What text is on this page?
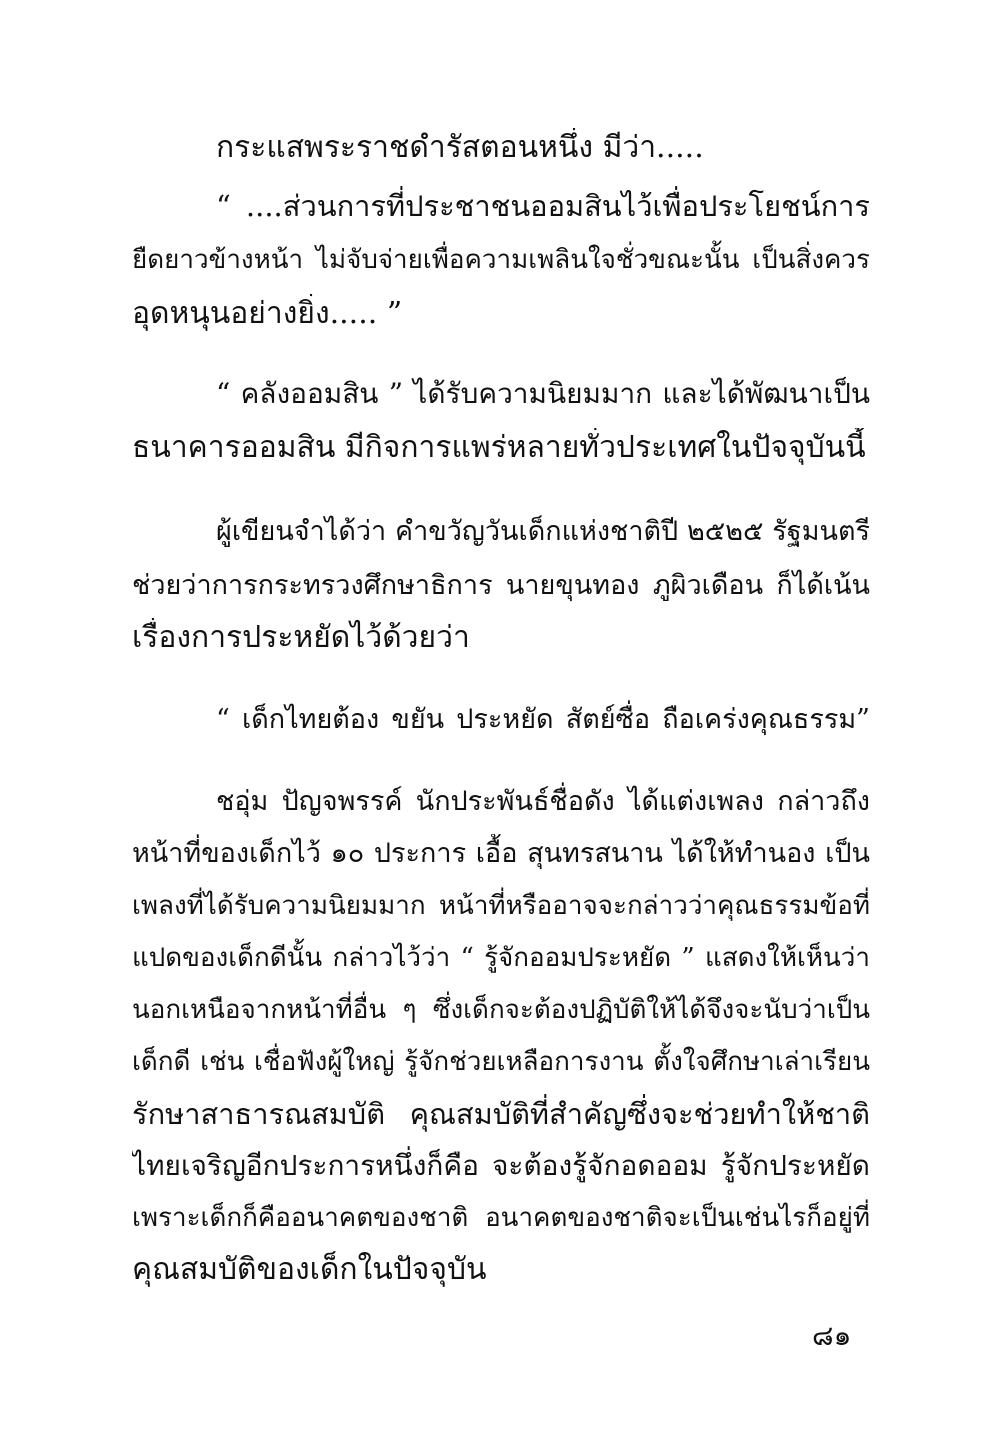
กระแสพระราชดำรัสตอนหนึ่ง มีว่า.....
“ ....ส่วนการที่ประชาชนออมสินไว้เพื่อประโยชน์การ
ยืดยาวข้างหน้า ไม่จับจ่ายเพื่อความเพลินใจชั่วขณะนั้น เป็นสิ่งควร
อุดหนุนอย่างยิ่ง..... ”
“ คลังออมสิน ” ได้รับความนิยมมาก และได้พัฒนาเป็น
ธนาคารออมสิน มีกิจการแพร่หลายทั่วประเทศในปัจจุบันนี้
ผู้เขียนจำได้ว่า คำขวัญวันเด็กแห่งชาติปี ๒๕๒๕ รัฐมนตรี
ช่วยว่าการกระทรวงศึกษาธิการ นายขุนทอง ภูผิวเดือน ก็ได้เน้น
เรื่องการประหยัดไว้ด้วยว่า
“ เด็กไทยต้อง ขยัน ประหยัด สัตย์ซื่อ ถือเคร่งคุณธรรม”
ชอุ่ม ปัญจพรรค์ นักประพันธ์ชื่อดัง ได้แต่งเพลง กล่าวถึง
หน้าที่ของเด็กไว้ ๑๐ ประการ เอื้อ สุนทรสนาน ได้ให้ทำนอง เป็น
เพลงที่ได้รับความนิยมมาก หน้าที่หรืออาจจะกล่าวว่าคุณธรรมข้อที่
แปดของเด็กดีนั้น กล่าวไว้ว่า “ รู้จักออมประหยัด ” แสดงให้เห็นว่า
นอกเหนือจากหน้าที่อื่น ๆ ซึ่งเด็กจะต้องปฏิบัติให้ได้จึงจะนับว่าเป็น
เด็กดี เช่น เชื่อฟังผู้ใหญ่ รู้จักช่วยเหลือการงาน ตั้งใจศึกษาเล่าเรียน
รักษาสาธารณสมบัติ คุณสมบัติที่สำคัญซึ่งจะช่วยทำให้ชาติ
ไทยเจริญอีกประการหนึ่งก็คือ จะต้องรู้จักอดออม รู้จักประหยัด
เพราะเด็กก็คืออนาคตของชาติ อนาคตของชาติจะเป็นเช่นไรก็อยู่ที่
คุณสมบัติของเด็กในปัจจุบัน
๘๑
